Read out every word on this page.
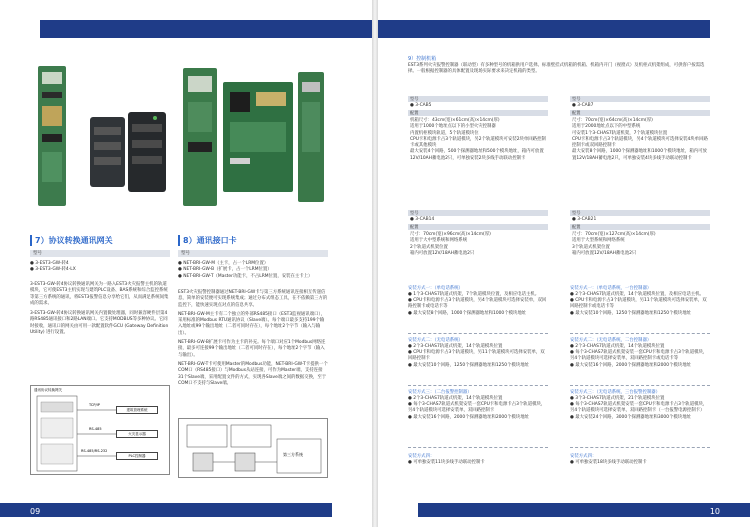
7）协议转换通讯网关
型号

● 3-EST3-GW-转4

● 3-EST3-GW-转4-LX

3-EST3-GW-转4协议转换通讯网关为一路入EST3火灾报警主机的轨道模块，它可使EST3主机实现与建筑PLC设备、BAS系统和综合监控系统等第三方系统的通讯，将EST3报警信息分享给它们，从而满足系统间集成的需求。

3-EST3-GW-转4协议转换通讯网关内置微处理器，同时兼容硬件层第4路RS485通讯接口和2路LAN端口。它支持MODBUS等多种协议。它同时接收，通讯口的网关由可用一款配置软件GCU (Gateway Definition Utility) 进行设置。

通讯协议转换网关
TCP/IP
RS-485
RS-485/RS-232
建筑管理系统
火灾显示器
PLC控制器
8）通讯接口卡
型号

● NET-BRI-GW-M（主卡，占一个LRM位置）

● NET-BRI-GW-B（扩展卡，占一个LRM位置）

● NET-BRI-GW-T（Master功能卡，不占LRM位置，安装在主卡上）

EST3火灾报警控制器通过NET-BRI-GW卡与第三方系统通讯连接相互传递信息，简单的安装便可实现系统集成；通过分布式组态工具，在不依赖第三方的监控下，能快速实现点对点的信息共享。

NET-BRI-GW-M主卡有二个独立的外部RS485接口（EST3监视通讯端口），采用标准的Modbus RTU通讯协议（Slave端）。每个端口最多支持199个输入地址或99个输出地址（二者可同时存在），每个地址2个字节（输入与输出）。

NET-BRI-GW-B扩展卡可作为主卡的补充。每个端口对应1个Modbus网络连接，最多可连接99个输出地址（二者可同时存在），每个地址2个字节（输入与输出）。

NET-BRI-GW-T卡可使用Master的Modbus功能，NET-BRI-GW-T卡提供一个COM口（RS485接口）与Modbus从站连接，可作为Master端，支持连接31个Slave端，采用配置文件的方式，实现各Slave端之间的数据交换，至于COM口不支持与Slave端。

第三方系统
09
9）控制机箱
EST3系列火灾报警控制器（联动型）有多种型号的机箱供用户选择。标准壁挂式机箱的机箱、机箱内开门（视窗式）及机柜式机架组成，可供客户按需选择。一般根据控制器的具体配置及现场实际要求来决定机箱的类型。
型号
● 3-CAB5
配置

机箱尺寸：43cm(宽)×61cm(高)×14cm(厚)

适用于1000个地址点以下的小型火灾控制器

内置机柜模块轨道，5个轨道模块位

CPU卡和电源卡占3个轨道模块，另2个轨道模块可安装2块单回路控制卡或其他模块

最大安装4个回路，500个探测器地址和500个模块地址，箱内可放置12V/10AH蓄电池2只，可单独安装2块多线手动联动控制卡

型号
● 3-CAB7
配置

尺寸：70cm(宽)×64cm(高)×14cm(厚)

适用于2000地址点以下的中型系统

可安装1个3-CHAS7轨道机架，7个轨道模块位置

CPU卡和电源卡占3个轨道模块，另4个轨道模块可选择安装4块单回路控制卡或双回路控制卡

最大安装8个回路，1000个探测器地址和1000个模块地址，箱内可放置12V/18AH蓄电池2只，可单独安装4块多线手动联动控制卡

型号
● 3-CAB14
配置

尺寸：70cm(宽)×96cm(高)×14cm(厚)

适用于大中型系统和网络系统

2个轨道式机架位置

箱内可放置12V/18AH蓄电池2只

型号
● 3-CAB21
配置

尺寸：70cm(宽)×127cm(高)×14cm(厚)

适用于大型系统和网络系统

3个轨道式机架位置

箱内可放置12V/18AH蓄电池2只

安装方式一：（单电话系统）
● 1个3-CHAS7轨道式机架，7个轨道模块位置，及相应电话主机。
● CPU卡和电源卡占3个轨道模块，另4个轨道模块可选择安装单，双回路控制卡或电话卡等
● 最大安装8个回路，1000个探测器地址和1000个模块地址
安装方式二：（无电话系统）
● 2个3-CHAS7轨道式机架，14个轨道模块位置
● CPU卡和电源卡占3个轨道模块，另11个轨道模块可选择安装单，双回路控制卡
● 最大安装10个回路，1250个探测器地址和1250个模块地址
安装方式三：（二台报警控制器）
● 2个3-CHAS7轨道式机架，14个轨道模块位置
● 每个3-CHAS7轨道式机架安装一套CPU卡和电源卡占3个轨道模块，另4个轨道模块可选择安装单，双回路控制卡
● 最大安装16个回路，2000个探测器地址和2000个模块地址
安装方式四：
● 可单独安装11块多线手动联动控制卡
安装方式一：（单电话系统，一台控制器）
● 2个3-CHAS7轨道式机架，14个轨道模块位置，及相应电话主机。
● CPU卡和电源卡占3个轨道模块，另11个轨道模块可选择安装单，双回路控制卡或电话卡等
● 最大安装10个回路，1250个探测器地址和1250个模块地址
安装方式二：（无电话系统，二台控制器）
● 2个3-CHAS7轨道式机架，14个轨道模块位置
● 每个3-CHAS7轨道式机架安装一套CPU卡和电源卡占3个轨道模块，另4个轨道模块可选择安装单，双回路控制卡或电话卡等
● 最大安装16个回路，2000个探测器地址和2000个模块地址
安装方式三：（无电话系统，三台报警控制器）
● 3个3-CHAS7轨道式机架，21个轨道模块位置
● 每个3-CHAS7轨道式机架安装一套CPU卡和电源卡占3个轨道模块，另4个轨道模块可选择安装单，双回路控制卡（一台报警电源控制卡）
● 最大安装24个回路，3000个探测器地址和3000个模块地址
安装方式四：
● 可单独安装18块多线手动联动控制卡
10
